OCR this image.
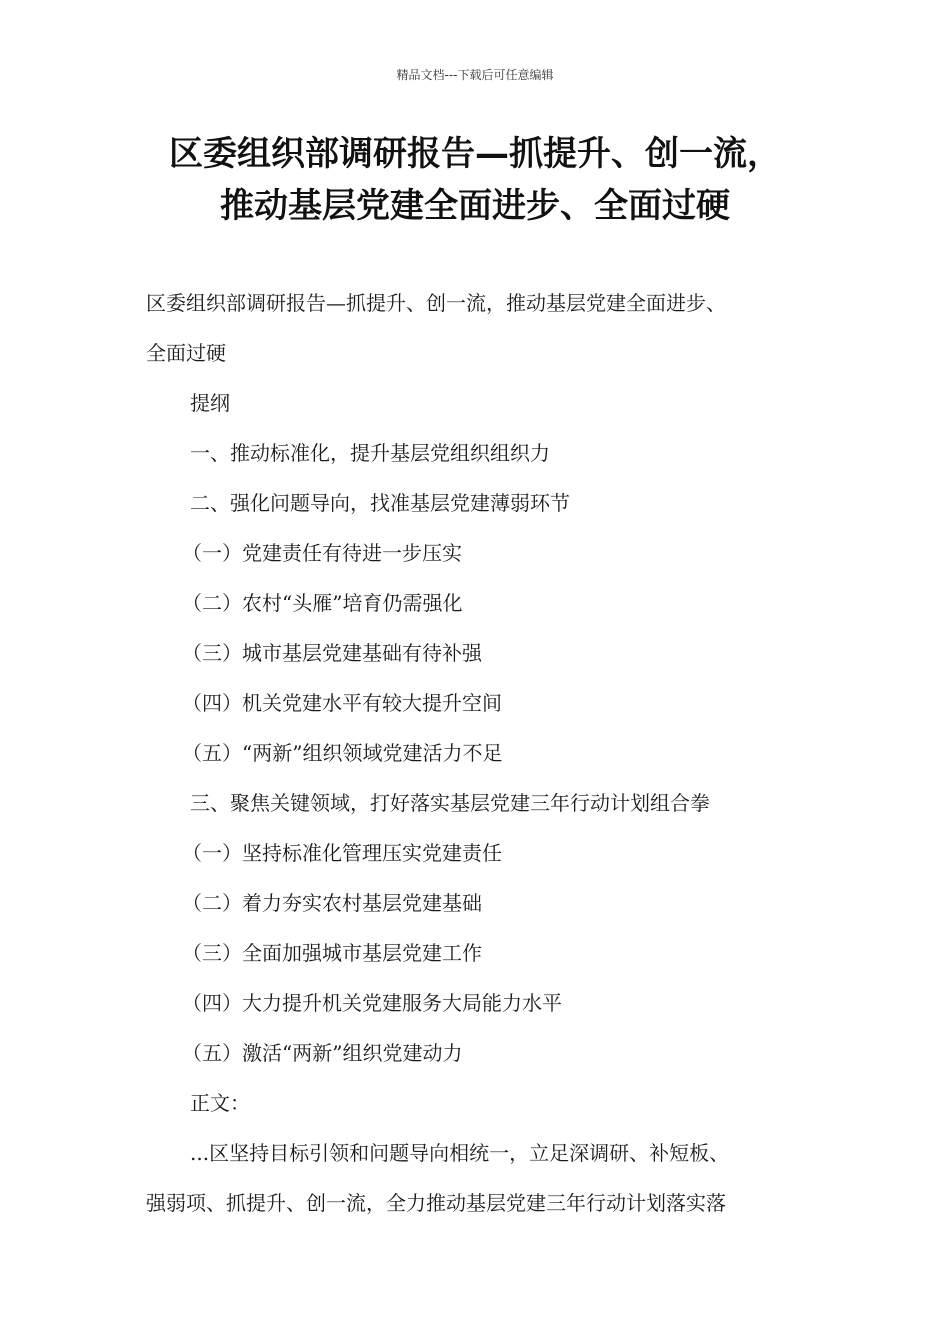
精品文档---下载后可任意编辑
区委组织部调研报告—抓提升、创一流，
推动基层党建全面进步、全面过硬
区委组织部调研报告—抓提升、创一流，推动基层党建全面进步、
全面过硬
提纲
一、推动标准化，提升基层党组织组织力
二、强化问题导向，找准基层党建薄弱环节
（一）党建责任有待进一步压实
（二）农村“头雁”培育仍需强化
（三）城市基层党建基础有待补强
（四）机关党建水平有较大提升空间
（五）“两新”组织领域党建活力不足
三、聚焦关键领域，打好落实基层党建三年行动计划组合拳
（一）坚持标准化管理压实党建责任
（二）着力夯实农村基层党建基础
（三）全面加强城市基层党建工作
（四）大力提升机关党建服务大局能力水平
（五）激活“两新”组织党建动力
正文：
...区坚持目标引领和问题导向相统一，立足深调研、补短板、
强弱项、抓提升、创一流，全力推动基层党建三年行动计划落实落
